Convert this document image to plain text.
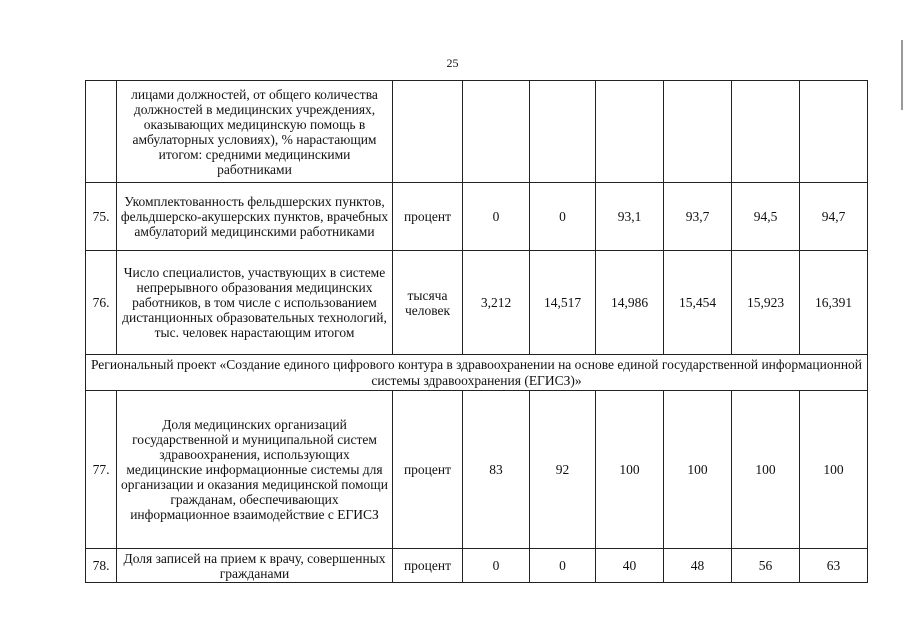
25
	лицами должностей, от общего количества должностей в медицинских учреждениях, оказывающих медицинскую помощь в амбулаторных условиях), % нарастающим итогом: средними медицинскими работниками							
75.	Укомплектованность фельдшерских пунктов, фельдшерско-акушерских пунктов, врачебных амбулаторий медицинскими работниками	процент	0	0	93,1	93,7	94,5	94,7
76.	Число специалистов, участвующих в системе непрерывного образования медицинских работников, в том числе с использованием дистанционных образовательных технологий, тыс. человек нарастающим итогом	тысяча человек	3,212	14,517	14,986	15,454	15,923	16,391
Региональный проект «Создание единого цифрового контура в здравоохранении на основе единой государственной информационной системы здравоохранения (ЕГИСЗ)»								
77.	Доля медицинских организаций государственной и муниципальной систем здравоохранения, использующих медицинские информационные системы для организации и оказания медицинской помощи гражданам, обеспечивающих информационное взаимодействие с ЕГИСЗ	процент	83	92	100	100	100	100
78.	Доля записей на прием к врачу, совершенных гражданами	процент	0	0	40	48	56	63
